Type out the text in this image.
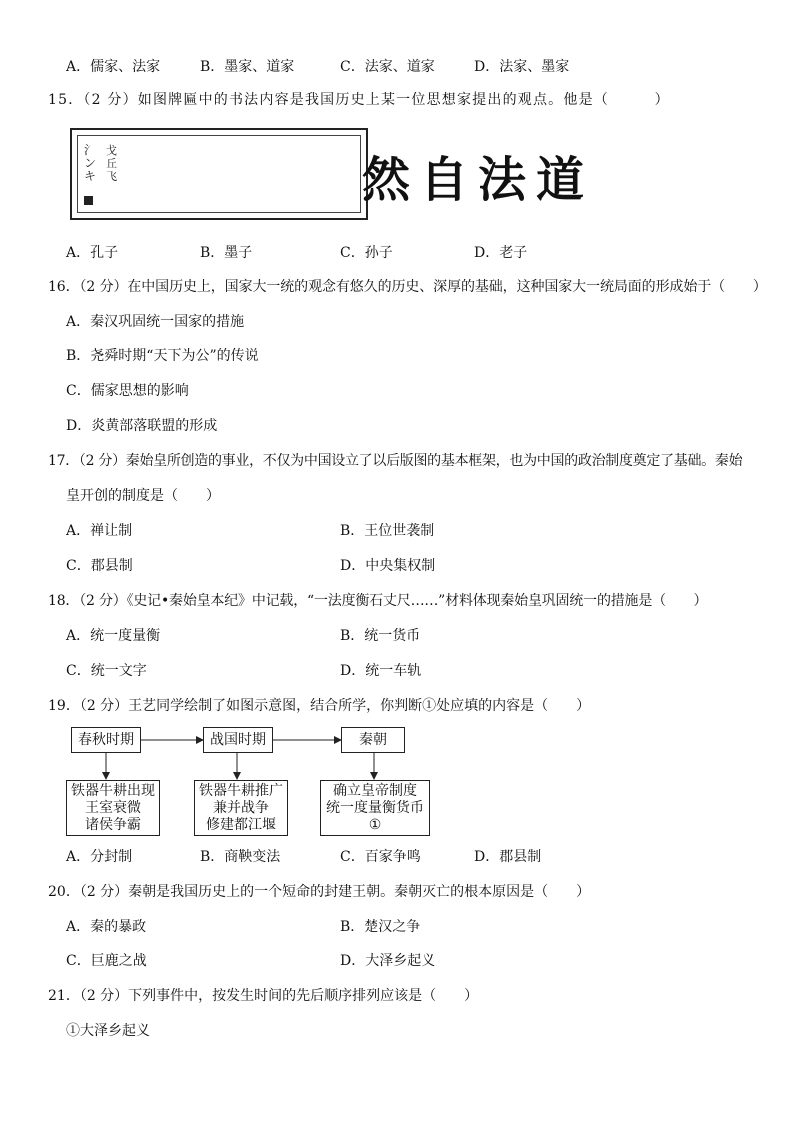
A．儒家、法家	B．墨家、道家	C．法家、道家	D．法家、墨家
15．（2 分）如图牌匾中的书法内容是我国历史上某一位思想家提出的观点。他是（　　　）
氵
ン
キ
戈
丘
飞	道法自然
A．孔子	B．墨子	C．孙子	D．老子
16．（2 分）在中国历史上，国家大一统的观念有悠久的历史、深厚的基础，这种国家大一统局面的形成始于（　　）
A．秦汉巩固统一国家的措施
B．尧舜时期“天下为公”的传说
C．儒家思想的影响
D．炎黄部落联盟的形成
17．（2 分）秦始皇所创造的事业，不仅为中国设立了以后版图的基本框架，也为中国的政治制度奠定了基础。秦始
皇开创的制度是（　　）
A．禅让制	B．王位世袭制
C．郡县制	D．中央集权制
18．（2 分）《史记•秦始皇本纪》中记载，“一法度衡石丈尺……”材料体现秦始皇巩固统一的措施是（　　）
A．统一度量衡	B．统一货币
C．统一文字	D．统一车轨
19．（2 分）王艺同学绘制了如图示意图，结合所学，你判断①处应填的内容是（　　）
春秋时期	战国时期	秦朝
铁器牛耕出现
王室衰微
诸侯争霸
铁器牛耕推广
兼并战争
修建都江堰
确立皇帝制度
统一度量衡货币
①
A．分封制	B．商鞅变法	C．百家争鸣	D．郡县制
20．（2 分）秦朝是我国历史上的一个短命的封建王朝。秦朝灭亡的根本原因是（　　）
A．秦的暴政	B．楚汉之争
C．巨鹿之战	D．大泽乡起义
21．（2 分）下列事件中，按发生时间的先后顺序排列应该是（　　）
①大泽乡起义
